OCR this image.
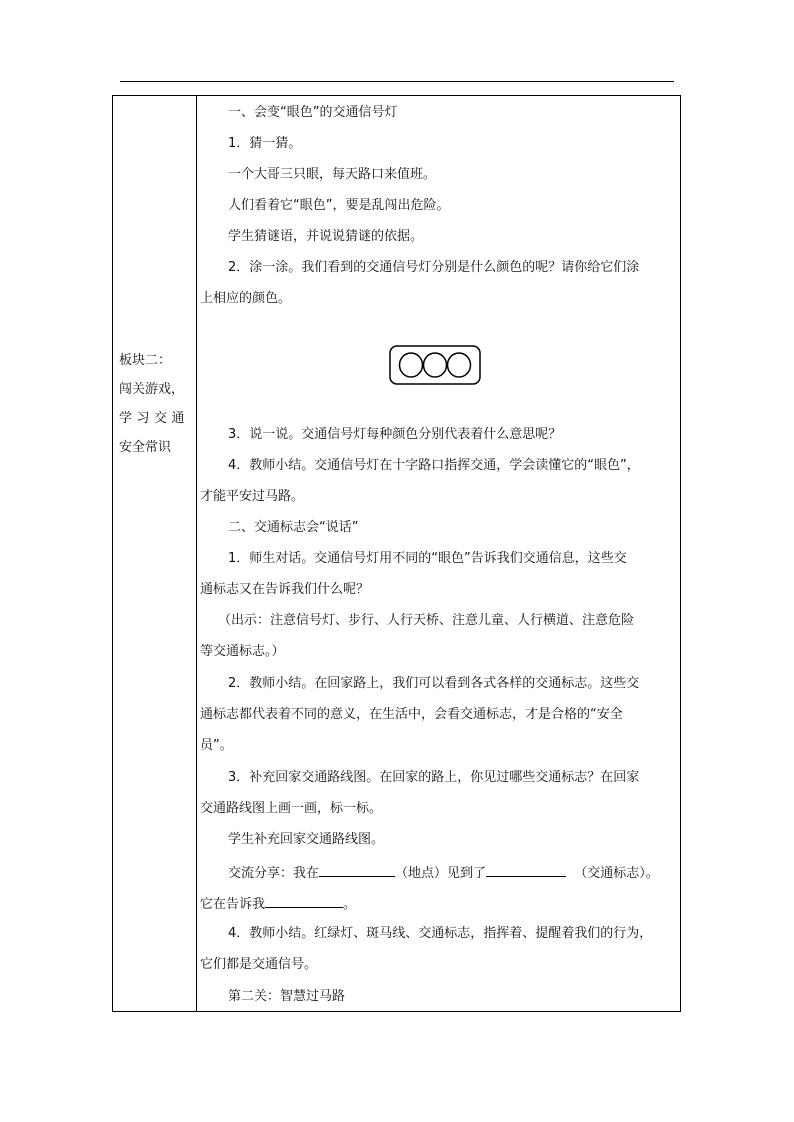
板块二：
闯关游戏，
学习交通
安全常识
一、会变“眼色”的交通信号灯
1．猜一猜。
一个大哥三只眼，每天路口来值班。
人们看着它“眼色”，要是乱闯出危险。
学生猜谜语，并说说猜谜的依据。
2．涂一涂。我们看到的交通信号灯分别是什么颜色的呢？请你给它们涂
上相应的颜色。
3．说一说。交通信号灯每种颜色分别代表着什么意思呢？
4．教师小结。交通信号灯在十字路口指挥交通，学会读懂它的“眼色”，
才能平安过马路。
二、交通标志会“说话”
1．师生对话。交通信号灯用不同的“眼色”告诉我们交通信息，这些交
通标志又在告诉我们什么呢？
（出示：注意信号灯、步行、人行天桥、注意儿童、人行横道、注意危险
等交通标志。）
2．教师小结。在回家路上，我们可以看到各式各样的交通标志。这些交
通标志都代表着不同的意义，在生活中，会看交通标志，才是合格的“安全
员”。
3．补充回家交通路线图。在回家的路上，你见过哪些交通标志？在回家
交通路线图上画一画，标一标。
学生补充回家交通路线图。
交流分享：我在	（地点）见到了	（交通标志）。
它在告诉我	。
4．教师小结。红绿灯、斑马线、交通标志，指挥着、提醒着我们的行为，
它们都是交通信号。
第二关：智慧过马路
